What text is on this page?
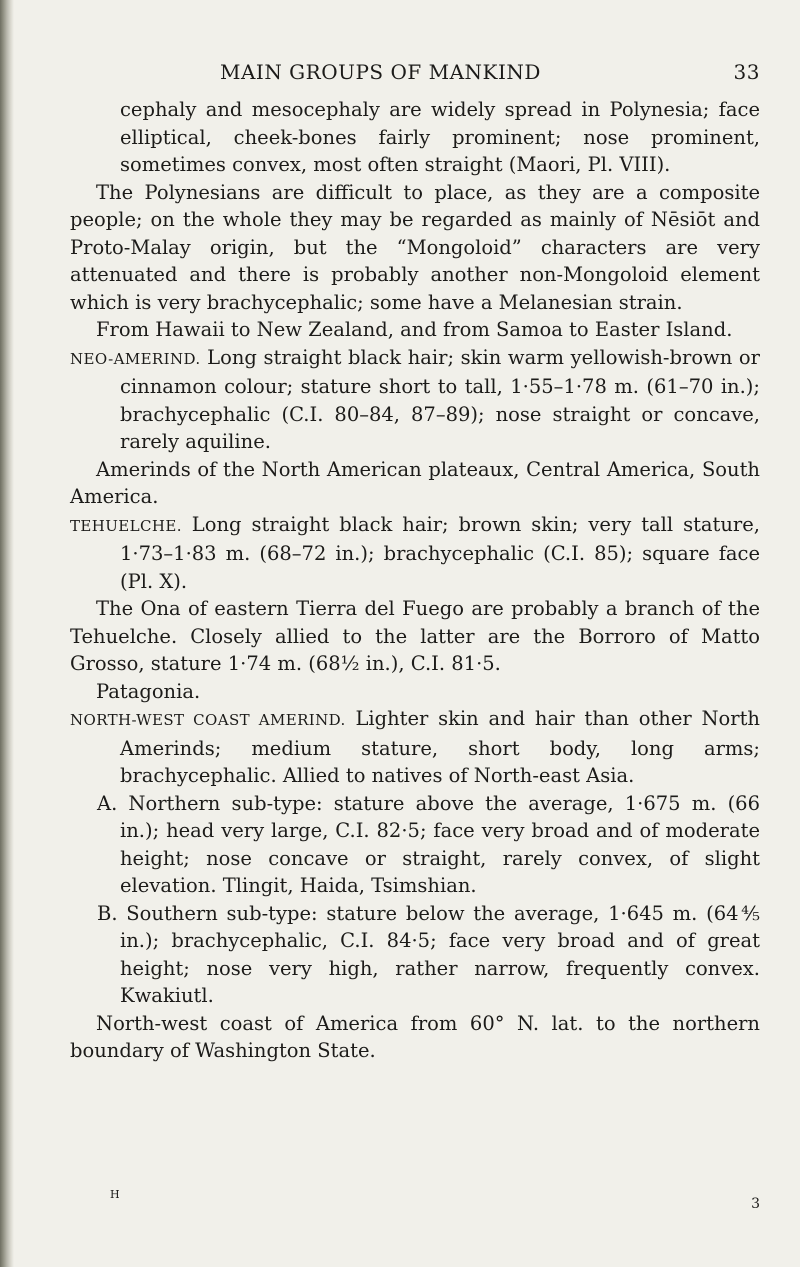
MAIN GROUPS OF MANKIND	33

cephaly and mesocephaly are widely spread in Polynesia; face elliptical, cheek-bones fairly prominent; nose prominent, sometimes convex, most often straight (Maori, Pl. VIII).

The Polynesians are difficult to place, as they are a composite people; on the whole they may be regarded as mainly of Nēsiōt and Proto-Malay origin, but the “Mongoloid” characters are very attenuated and there is probably another non-Mongoloid element which is very brachycephalic; some have a Melanesian strain.

From Hawaii to New Zealand, and from Samoa to Easter Island.

NEO-AMERIND. Long straight black hair; skin warm yellowish-brown or cinnamon colour; stature short to tall, 1·55–1·78 m. (61–70 in.); brachycephalic (C.I. 80–84, 87–89); nose straight or concave, rarely aquiline.

Amerinds of the North American plateaux, Central America, South America.

TEHUELCHE. Long straight black hair; brown skin; very tall stature, 1·73–1·83 m. (68–72 in.); brachycephalic (C.I. 85); square face (Pl. X).

The Ona of eastern Tierra del Fuego are probably a branch of the Tehuelche. Closely allied to the latter are the Borroro of Matto Grosso, stature 1·74 m. (68½ in.), C.I. 81·5.

Patagonia.

NORTH-WEST COAST AMERIND. Lighter skin and hair than other North Amerinds; medium stature, short body, long arms; brachycephalic. Allied to natives of North-east Asia.

A. Northern sub-type: stature above the average, 1·675 m. (66 in.); head very large, C.I. 82·5; face very broad and of moderate height; nose concave or straight, rarely convex, of slight elevation. Tlingit, Haida, Tsimshian.

B. Southern sub-type: stature below the average, 1·645 m. (64⅘ in.); brachycephalic, C.I. 84·5; face very broad and of great height; nose very high, rather narrow, frequently convex. Kwakiutl.

North-west coast of America from 60° N. lat. to the northern boundary of Washington State.

H
3
